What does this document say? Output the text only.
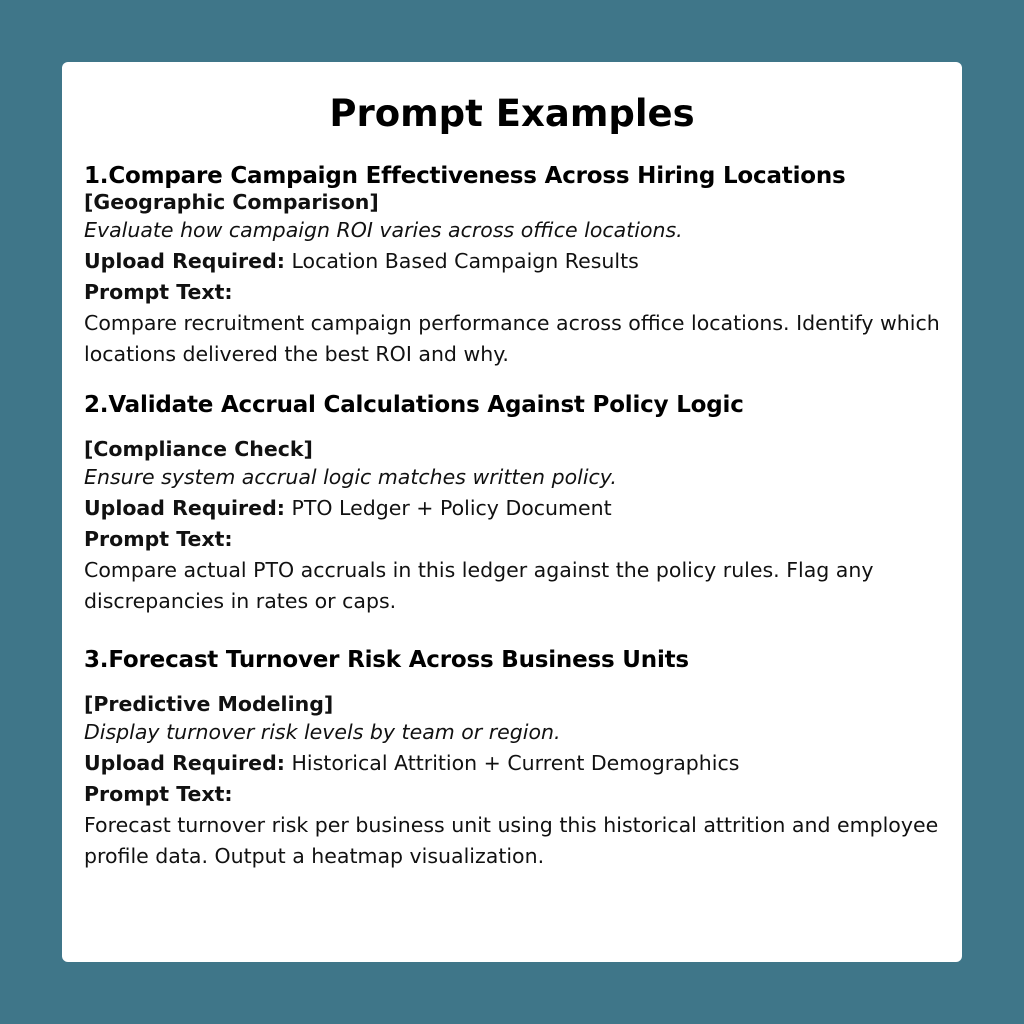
Prompt Examples
1.Compare Campaign Effectiveness Across Hiring Locations

[Geographic Comparison]

Evaluate how campaign ROI varies across office locations.

Upload Required: Location Based Campaign Results

Prompt Text:

Compare recruitment campaign performance across office locations. Identify which locations delivered the best ROI and why.

2.Validate Accrual Calculations Against Policy Logic

[Compliance Check]

Ensure system accrual logic matches written policy.

Upload Required: PTO Ledger + Policy Document

Prompt Text:

Compare actual PTO accruals in this ledger against the policy rules. Flag any discrepancies in rates or caps.

3.Forecast Turnover Risk Across Business Units

[Predictive Modeling]

Display turnover risk levels by team or region.

Upload Required: Historical Attrition + Current Demographics

Prompt Text:

Forecast turnover risk per business unit using this historical attrition and employee profile data. Output a heatmap visualization.
